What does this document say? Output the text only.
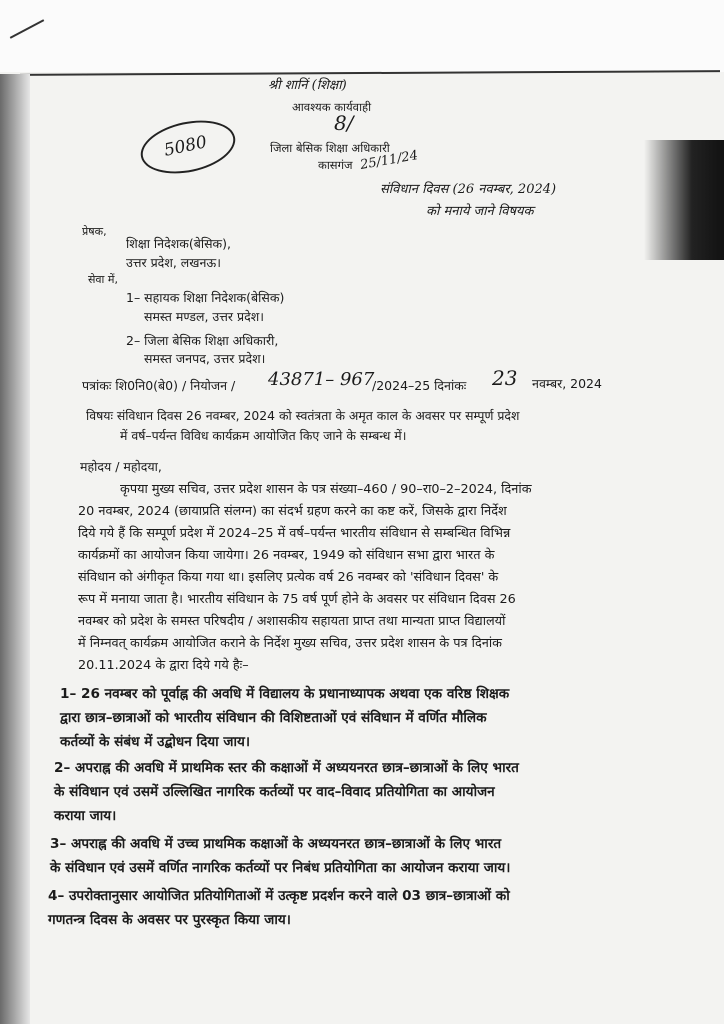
श्री शानिं (शिक्षा)
आवश्यक कार्यवाही
8/
5080	जिला बेसिक शिक्षा अधिकारी
कासगंज 25/11/24
संविधान दिवस (26 नवम्बर, 2024)
को मनाये जाने विषयक
प्रेषक,
शिक्षा निदेशक(बेसिक),
उत्तर प्रदेश, लखनऊ।
सेवा में,
1– सहायक शिक्षा निदेशक(बेसिक)
समस्त मण्डल, उत्तर प्रदेश।
2– जिला बेसिक शिक्षा अधिकारी,
समस्त जनपद, उत्तर प्रदेश।
पत्रांकः शि0नि0(बे0) / नियोजन / 43871– 967
/2024–25 दिनांकः 23 नवम्बर, 2024
विषयः संविधान दिवस 26 नवम्बर, 2024 को स्वतंत्रता के अमृत काल के अवसर पर सम्पूर्ण प्रदेश
में वर्ष–पर्यन्त विविध कार्यक्रम आयोजित किए जाने के सम्बन्ध में।
महोदय / महोदया,
कृपया मुख्य सचिव, उत्तर प्रदेश शासन के पत्र संख्या–460 / 90–रा0–2–2024, दिनांक
20 नवम्बर, 2024 (छायाप्रति संलग्न) का संदर्भ ग्रहण करने का कष्ट करें, जिसके द्वारा निर्देश
दिये गये हैं कि सम्पूर्ण प्रदेश में 2024–25 में वर्ष–पर्यन्त भारतीय संविधान से सम्बन्धित विभिन्न
कार्यक्रमों का आयोजन किया जायेगा। 26 नवम्बर, 1949 को संविधान सभा द्वारा भारत के
संविधान को अंगीकृत किया गया था। इसलिए प्रत्येक वर्ष 26 नवम्बर को 'संविधान दिवस' के
रूप में मनाया जाता है। भारतीय संविधान के 75 वर्ष पूर्ण होने के अवसर पर संविधान दिवस 26
नवम्बर को प्रदेश के समस्त परिषदीय / अशासकीय सहायता प्राप्त तथा मान्यता प्राप्त विद्यालयों
में निम्नवत् कार्यक्रम आयोजित कराने के निर्देश मुख्य सचिव, उत्तर प्रदेश शासन के पत्र दिनांक
20.11.2024 के द्वारा दिये गये हैः–
1– 26 नवम्बर को पूर्वाह्न की अवधि में विद्यालय के प्रधानाध्यापक अथवा एक वरिष्ठ शिक्षक
द्वारा छात्र–छात्राओं को भारतीय संविधान की विशिष्टताओं एवं संविधान में वर्णित मौलिक
कर्तव्यों के संबंध में उद्बोधन दिया जाय।
2– अपराह्न की अवधि में प्राथमिक स्तर की कक्षाओं में अध्ययनरत छात्र–छात्राओं के लिए भारत
के संविधान एवं उसमें उल्लिखित नागरिक कर्तव्यों पर वाद–विवाद प्रतियोगिता का आयोजन
कराया जाय।
3– अपराह्न की अवधि में उच्च प्राथमिक कक्षाओं के अध्ययनरत छात्र–छात्राओं के लिए भारत
के संविधान एवं उसमें वर्णित नागरिक कर्तव्यों पर निबंध प्रतियोगिता का आयोजन कराया जाय।
4– उपरोक्तानुसार आयोजित प्रतियोगिताओं में उत्कृष्ट प्रदर्शन करने वाले 03 छात्र–छात्राओं को
गणतन्त्र दिवस के अवसर पर पुरस्कृत किया जाय।
